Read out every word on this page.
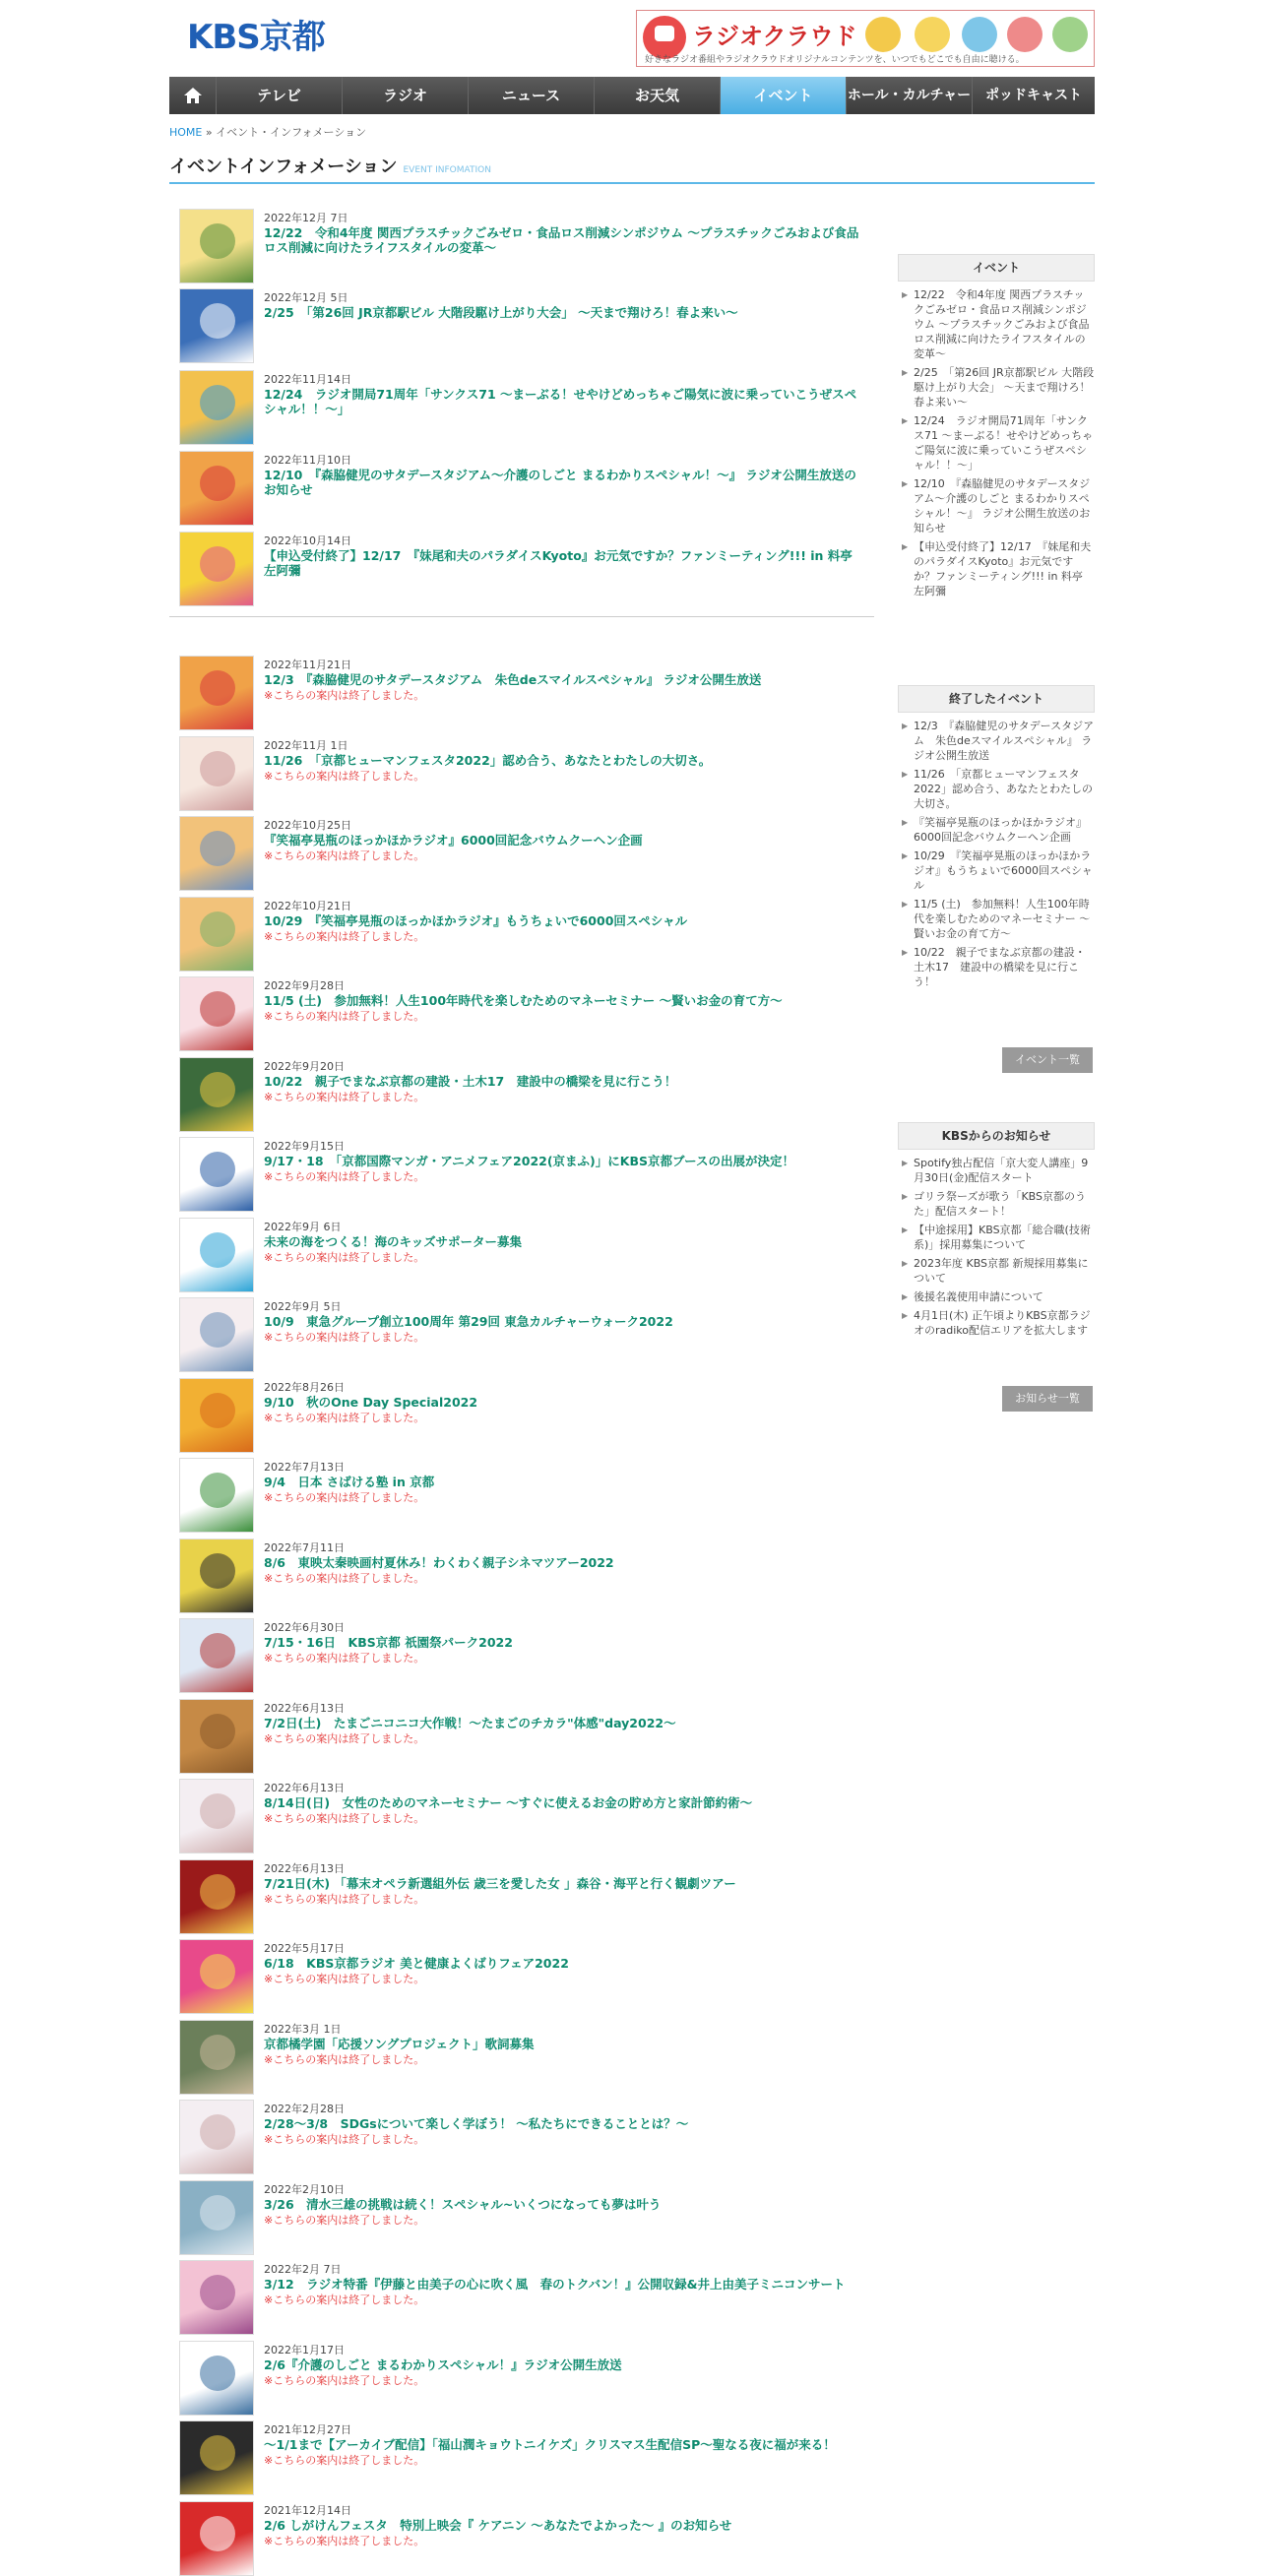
KBS京都	ラジオクラウド
好きなラジオ番組やラジオクラウドオリジナルコンテンツを、いつでもどこでも自由に聴ける。
テレビ	ラジオ	ニュース	お天気	イベント	ホール・カルチャー	ポッドキャスト
HOME » イベント・インフォメーション
イベントインフォメーション EVENT INFOMATION
2022年12月 7日
12/22　令和4年度 関西プラスチックごみゼロ・食品ロス削減シンポジウム ～プラスチックごみおよび食品ロス削減に向けたライフスタイルの変革～
2022年12月 5日
2/25　「第26回 JR京都駅ビル 大階段駆け上がり大会」 ～天まで翔けろ！春よ来い～
2022年11月14日
12/24　ラジオ開局71周年「サンクス71 ～まーぶる！せやけどめっちゃご陽気に波に乗っていこうぜスペシャル！！～」
2022年11月10日
12/10　『森脇健児のサタデースタジアム～介護のしごと まるわかりスペシャル！～』 ラジオ公開生放送のお知らせ
2022年10月14日
【申込受付終了】12/17　『妹尾和夫のパラダイスKyoto』お元気ですか？ファンミーティング!!! in 料亭 左阿彌
2022年11月21日
12/3　『森脇健児のサタデースタジアム　朱色deスマイルスペシャル』 ラジオ公開生放送
※こちらの案内は終了しました。
2022年11月 1日
11/26　「京都ヒューマンフェスタ2022」認め合う、あなたとわたしの大切さ。
※こちらの案内は終了しました。
2022年10月25日
『笑福亭晃瓶のほっかほかラジオ』6000回記念バウムクーヘン企画
※こちらの案内は終了しました。
2022年10月21日
10/29　『笑福亭晃瓶のほっかほかラジオ』もうちょいで6000回スペシャル
※こちらの案内は終了しました。
2022年9月28日
11/5 (土)　参加無料！人生100年時代を楽しむためのマネーセミナー ～賢いお金の育て方～
※こちらの案内は終了しました。
2022年9月20日
10/22　親子でまなぶ京都の建設・土木17　建設中の橋梁を見に行こう！
※こちらの案内は終了しました。
2022年9月15日
9/17・18　「京都国際マンガ・アニメフェア2022(京まふ)」にKBS京都ブースの出展が決定！
※こちらの案内は終了しました。
2022年9月 6日
未来の海をつくる！海のキッズサポーター募集
※こちらの案内は終了しました。
2022年9月 5日
10/9　東急グループ創立100周年 第29回 東急カルチャーウォーク2022
※こちらの案内は終了しました。
2022年8月26日
9/10　秋のOne Day Special2022
※こちらの案内は終了しました。
2022年7月13日
9/4　日本 さばける塾 in 京都
※こちらの案内は終了しました。
2022年7月11日
8/6　東映太秦映画村夏休み！わくわく親子シネマツアー2022
※こちらの案内は終了しました。
2022年6月30日
7/15・16日　KBS京都 祇園祭パーク2022
※こちらの案内は終了しました。
2022年6月13日
7/2日(土)　たまごニコニコ大作戦！～たまごのチカラ"体感"day2022～
※こちらの案内は終了しました。
2022年6月13日
8/14日(日)　女性のためのマネーセミナー ～すぐに使えるお金の貯め方と家計節約術～
※こちらの案内は終了しました。
2022年6月13日
7/21日(木) 「幕末オペラ新選組外伝 歳三を愛した女 」森谷・海平と行く観劇ツアー
※こちらの案内は終了しました。
2022年5月17日
6/18　KBS京都ラジオ 美と健康よくばりフェア2022
※こちらの案内は終了しました。
2022年3月 1日
京都橘学園「応援ソングプロジェクト」歌詞募集
※こちらの案内は終了しました。
2022年2月28日
2/28～3/8　SDGsについて楽しく学ぼう！ ～私たちにできることとは？～
※こちらの案内は終了しました。
2022年2月10日
3/26　清水三雄の挑戦は続く！スペシャル~いくつになっても夢は叶う
※こちらの案内は終了しました。
2022年2月 7日
3/12　ラジオ特番『伊藤と由美子の心に吹く風　春のトクバン！』公開収録&井上由美子ミニコンサート
※こちらの案内は終了しました。
2022年1月17日
2/6『介護のしごと まるわかりスペシャル！』ラジオ公開生放送
※こちらの案内は終了しました。
2021年12月27日
～1/1まで【アーカイブ配信】「福山潤キョウトニイケズ」クリスマス生配信SP～聖なる夜に福が来る！
※こちらの案内は終了しました。
2021年12月14日
2/6 しがけんフェスタ　特別上映会『 ケアニン ～あなたでよかった～ 』のお知らせ
※こちらの案内は終了しました。
イベント
▶ 12/22　令和4年度 関西プラスチックごみゼロ・食品ロス削減シンポジウム ～プラスチックごみおよび食品ロス削減に向けたライフスタイルの変革～
▶ 2/25　「第26回 JR京都駅ビル 大階段駆け上がり大会」 ～天まで翔けろ！春よ来い～
▶ 12/24　ラジオ開局71周年「サンクス71 ～まーぶる！せやけどめっちゃご陽気に波に乗っていこうぜスペシャル！！～」
▶ 12/10　『森脇健児のサタデースタジアム～介護のしごと まるわかりスペシャル！～』 ラジオ公開生放送のお知らせ
▶ 【申込受付終了】12/17　『妹尾和夫のパラダイスKyoto』お元気ですか？ファンミーティング!!! in 料亭 左阿彌
終了したイベント
▶ 12/3　『森脇健児のサタデースタジアム　朱色deスマイルスペシャル』 ラジオ公開生放送
▶ 11/26　「京都ヒューマンフェスタ2022」認め合う、あなたとわたしの大切さ。
▶ 『笑福亭晃瓶のほっかほかラジオ』6000回記念バウムクーヘン企画
▶ 10/29　『笑福亭晃瓶のほっかほかラジオ』もうちょいで6000回スペシャル
▶ 11/5 (土)　参加無料！人生100年時代を楽しむためのマネーセミナー ～賢いお金の育て方～
▶ 10/22　親子でまなぶ京都の建設・土木17　建設中の橋梁を見に行こう！
イベント一覧
KBSからのお知らせ
▶ Spotify独占配信「京大変人講座」9月30日(金)配信スタート
▶ ゴリラ祭ーズが歌う「KBS京都のうた」配信スタート！
▶ 【中途採用】KBS京都「総合職(技術系)」採用募集について
▶ 2023年度 KBS京都 新規採用募集について
▶ 後援名義使用申請について
▶ 4月1日(木) 正午頃よりKBS京都ラジオのradiko配信エリアを拡大します
お知らせ一覧
